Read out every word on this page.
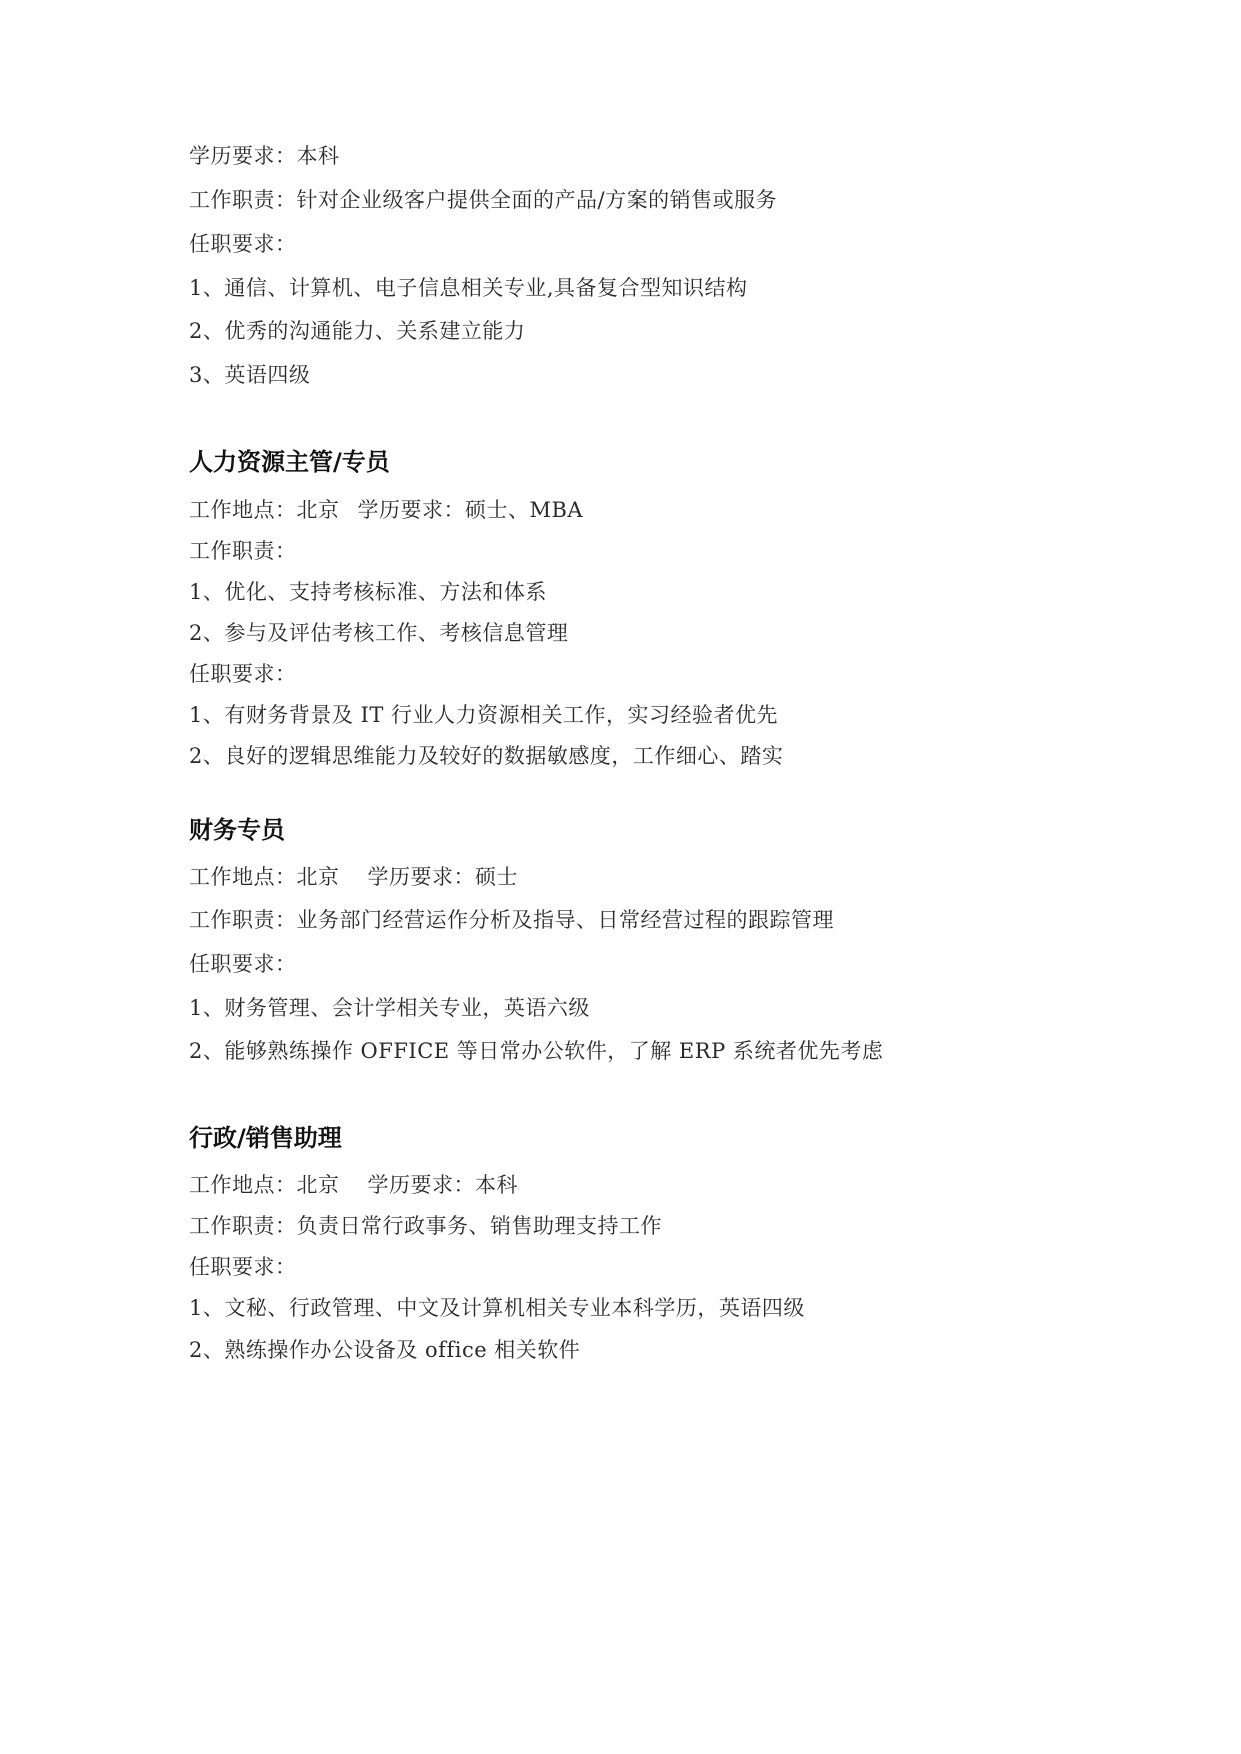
学历要求：本科
工作职责：针对企业级客户提供全面的产品/方案的销售或服务
任职要求：
1、通信、计算机、电子信息相关专业,具备复合型知识结构
2、优秀的沟通能力、关系建立能力
3、英语四级
人力资源主管/专员
工作地点：北京 学历要求：硕士、MBA
工作职责：
1、优化、支持考核标准、方法和体系
2、参与及评估考核工作、考核信息管理
任职要求：
1、有财务背景及 IT 行业人力资源相关工作，实习经验者优先
2、良好的逻辑思维能力及较好的数据敏感度，工作细心、踏实
财务专员
工作地点：北京 学历要求：硕士
工作职责：业务部门经营运作分析及指导、日常经营过程的跟踪管理
任职要求：
1、财务管理、会计学相关专业，英语六级
2、能够熟练操作 OFFICE 等日常办公软件，了解 ERP 系统者优先考虑
行政/销售助理
工作地点：北京 学历要求：本科
工作职责：负责日常行政事务、销售助理支持工作
任职要求：
1、文秘、行政管理、中文及计算机相关专业本科学历，英语四级
2、熟练操作办公设备及 office 相关软件
